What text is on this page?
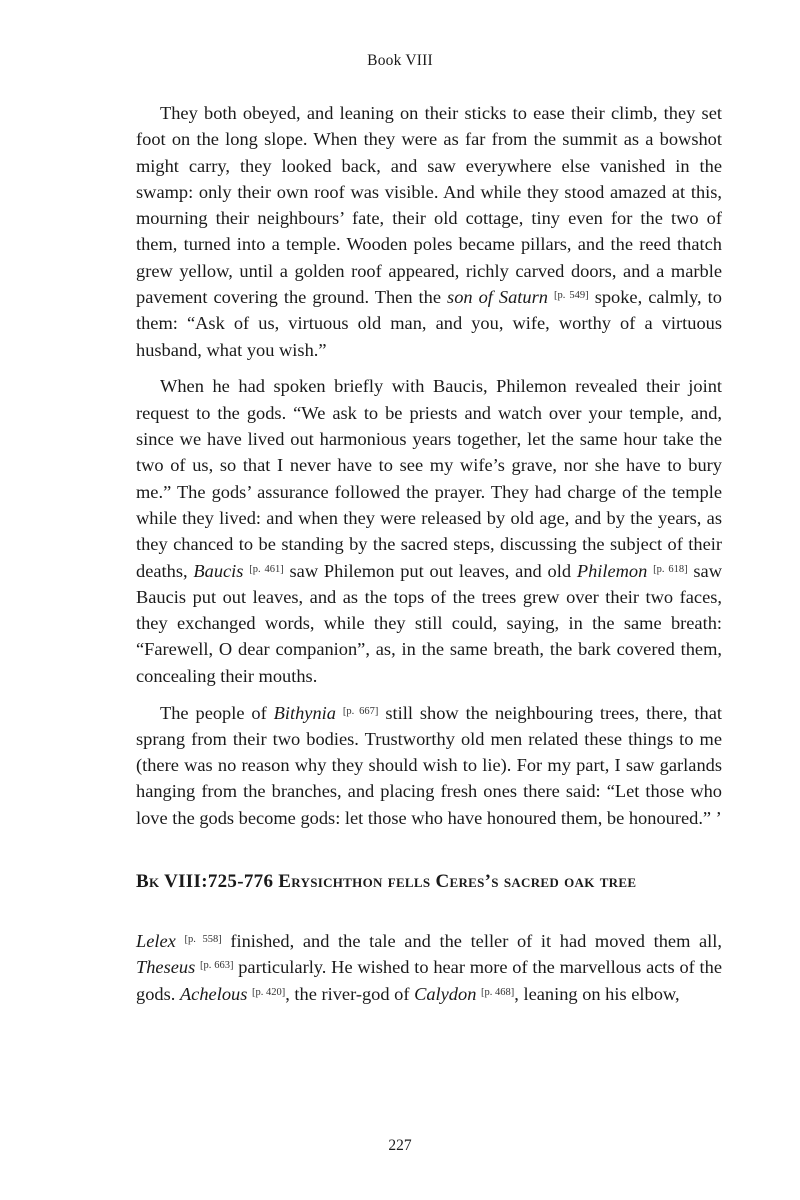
Book VIII

They both obeyed, and leaning on their sticks to ease their climb, they set foot on the long slope. When they were as far from the summit as a bowshot might carry, they looked back, and saw everywhere else vanished in the swamp: only their own roof was visible. And while they stood amazed at this, mourning their neighbours’ fate, their old cottage, tiny even for the two of them, turned into a temple. Wooden poles became pillars, and the reed thatch grew yellow, until a golden roof appeared, richly carved doors, and a marble pavement covering the ground. Then the son of Saturn [p. 549] spoke, calmly, to them: “Ask of us, virtuous old man, and you, wife, worthy of a virtuous husband, what you wish.”

When he had spoken briefly with Baucis, Philemon revealed their joint request to the gods. “We ask to be priests and watch over your temple, and, since we have lived out harmonious years together, let the same hour take the two of us, so that I never have to see my wife’s grave, nor she have to bury me.” The gods’ assurance followed the prayer. They had charge of the temple while they lived: and when they were released by old age, and by the years, as they chanced to be standing by the sacred steps, discussing the subject of their deaths, Baucis [p. 461] saw Philemon put out leaves, and old Philemon [p. 618] saw Baucis put out leaves, and as the tops of the trees grew over their two faces, they exchanged words, while they still could, saying, in the same breath: “Farewell, O dear companion”, as, in the same breath, the bark covered them, concealing their mouths.

The people of Bithynia [p. 667] still show the neighbouring trees, there, that sprang from their two bodies. Trustworthy old men related these things to me (there was no reason why they should wish to lie). For my part, I saw garlands hanging from the branches, and placing fresh ones there said: “Let those who love the gods become gods: let those who have honoured them, be honoured.” ’

Bk VIII:725-776 Erysichthon fells Ceres’s sacred oak tree

Lelex [p. 558] finished, and the tale and the teller of it had moved them all, Theseus [p. 663] particularly. He wished to hear more of the marvellous acts of the gods. Achelous [p. 420], the river-god of Calydon [p. 468], leaning on his elbow,

227
